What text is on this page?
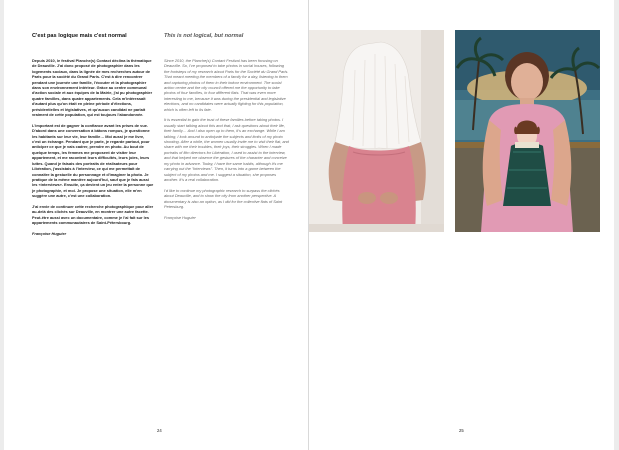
C'est pas logique mais c'est normal	This is not logical, but normal

Depuis 2010, le festival Planche(s) Contact déclina la thématique de Deauville. J'ai donc proposé de photographier dans les logements sociaux, dans la lignée de mes recherches autour de Paris pour la société du Grand Paris. C'est à dire rencontrer pendant une journée une famille, l'écouter et la photographier dans son environnement intérieur. Grâce au centre communal d'action sociale et aux équipes de la Mairie, j'ai pu photographier quatre familles, dans quatre appartements. Cela m'intéressait d'autant plus qu'on était en pleine période d'élections, présidentielles et législatives, et qu'aucun candidat ne parlait vraiment de cette population, qui est toujours l'abandonnée.

L'important est de gagner la confiance avant les prises de vue. D'abord dans une conversation à bâtons rompus, je questionne les habitants sur leur vie, leur famille… Moi aussi je me livre, c'est un échange. Pendant que je parle, je regarde partout, pour anticiper ce que je vais cadrer, prendre en photo. Au bout de quelque temps, les femmes me proposent de visiter leur appartement, et me racontent leurs difficultés, leurs joies, leurs luttes. Quand je faisais des portraits de réalisateurs pour Libération, j'assistais à l'interview, ce qui me permettait de connaître la gestuelle du personnage et d'imaginer la photo. Je pratique de la même manière aujourd'hui, sauf que je fais aussi les «interviews». Ensuite, ça devient un jeu entre la personne que je photographie, et moi. Je propose une situation, elle m'en suggère une autre, c'est une collaboration.

J'ai envie de continuer cette recherche photographique pour aller au-delà des clichés sur Deauville, en montrer une autre facette. Peut-être aussi avec un documentaire, comme je l'ai fait sur les appartements communautaires de Saint-Pétersbourg.

Françoise Huguier

Since 2010, the Planche(s) Contact Festival has been focusing on Deauville. So, I've proposed to take photos in social houses, following the footsteps of my research about Paris for the Société du Grand Paris. That meant meeting the members of a family for a day, listening to them and capturing photos of them in their indoor environment. The social action centre and the city council offered me the opportunity to take photos of four families, in four different flats. That was even more interesting to me, because it was during the presidential and legislative elections, and no candidates were actually fighting for this population, which is often left to its fate.

It is essential to gain the trust of these families before taking photos. I usually start talking about this and that, I ask questions about their life, their family… And I also open up to them, it's an exchange. While I am talking, I look around to anticipate the subjects and limits of my photo shooting. After a while, the women usually invite me to visit their flat, and share with me their troubles, their joys, their struggles. When I made portraits of film directors for Libération, I used to assist to the interview, and that helped me observe the gestures of the character and conceive my photo in advance. Today, I have the same habits, although it's me carrying out the "interviews". Then, it turns into a game between the subject of my photos and me. I suggest a situation, she proposes another. It's a real collaboration.

I'd like to continue my photographic research to surpass the clichés about Deauville, and to show the city from another perspective. A documentary is also an option, as I did for the collective flats of Saint Petersburg.

Françoise Huguier

24	25
